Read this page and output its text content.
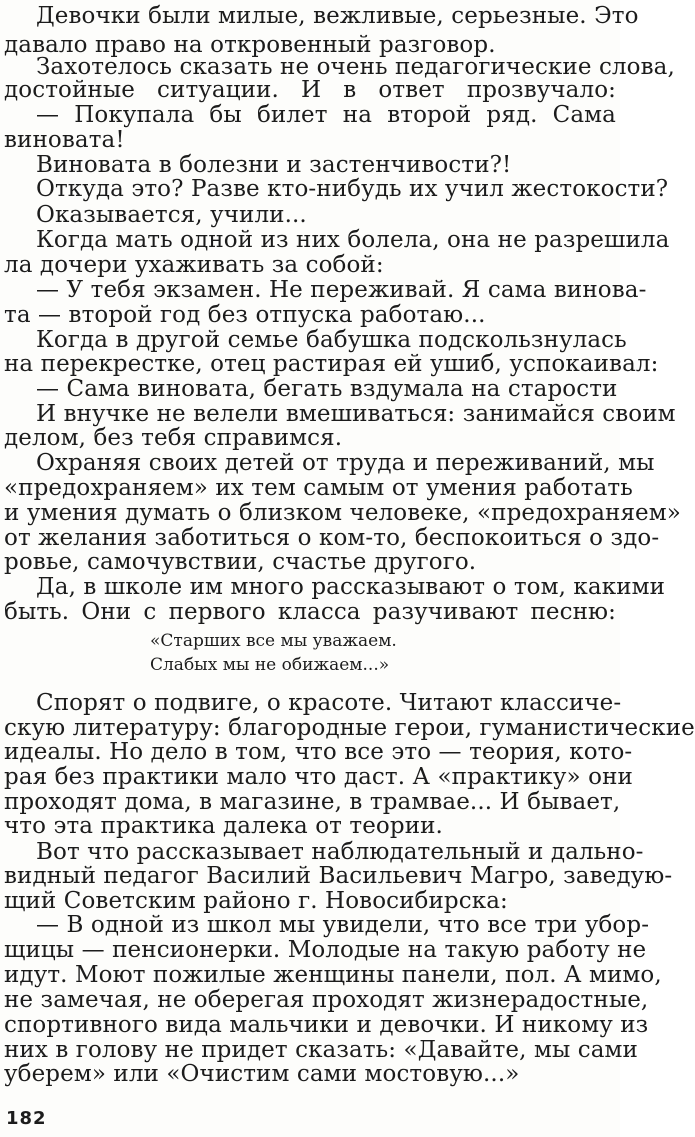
Девочки были милые, вежливые, серьезные. Это
давало право на откровенный разговор.
Захотелось сказать не очень педагогические слова,
достойные ситуации. И в ответ прозвучало:
— Покупала бы билет на второй ряд. Сама
виновата!
Виновата в болезни и застенчивости?!
Откуда это? Разве кто-нибудь их учил жестокости?
Оказывается, учили...
Когда мать одной из них болела, она не разрешила
ла дочери ухаживать за собой:
— У тебя экзамен. Не переживай. Я сама винова-
та — второй год без отпуска работаю...
Когда в другой семье бабушка подскользнулась
на перекрестке, отец растирая ей ушиб, успокаивал:
— Сама виновата, бегать вздумала на старости
И внучке не велели вмешиваться: занимайся своим
делом, без тебя справимся.
Охраняя своих детей от труда и переживаний, мы
«предохраняем» их тем самым от умения работать
и умения думать о близком человеке, «предохраняем»
от желания заботиться о ком-то, беспокоиться о здо-
ровье, самочувствии, счастье другого.
Да, в школе им много рассказывают о том, какими
быть. Они с первого класса разучивают песню:
«Старших все мы уважаем.
Слабых мы не обижаем...»
Спорят о подвиге, о красоте. Читают классиче-
скую литературу: благородные герои, гуманистические
идеалы. Но дело в том, что все это — теория, кото-
рая без практики мало что даст. А «практику» они
проходят дома, в магазине, в трамвае... И бывает,
что эта практика далека от теории.
Вот что рассказывает наблюдательный и дально-
видный педагог Василий Васильевич Магро, заведую-
щий Советским районо г. Новосибирска:
— В одной из школ мы увидели, что все три убор-
щицы — пенсионерки. Молодые на такую работу не
идут. Моют пожилые женщины панели, пол. А мимо,
не замечая, не оберегая проходят жизнерадостные,
спортивного вида мальчики и девочки. И никому из
них в голову не придет сказать: «Давайте, мы сами
уберем» или «Очистим сами мостовую...»
182
